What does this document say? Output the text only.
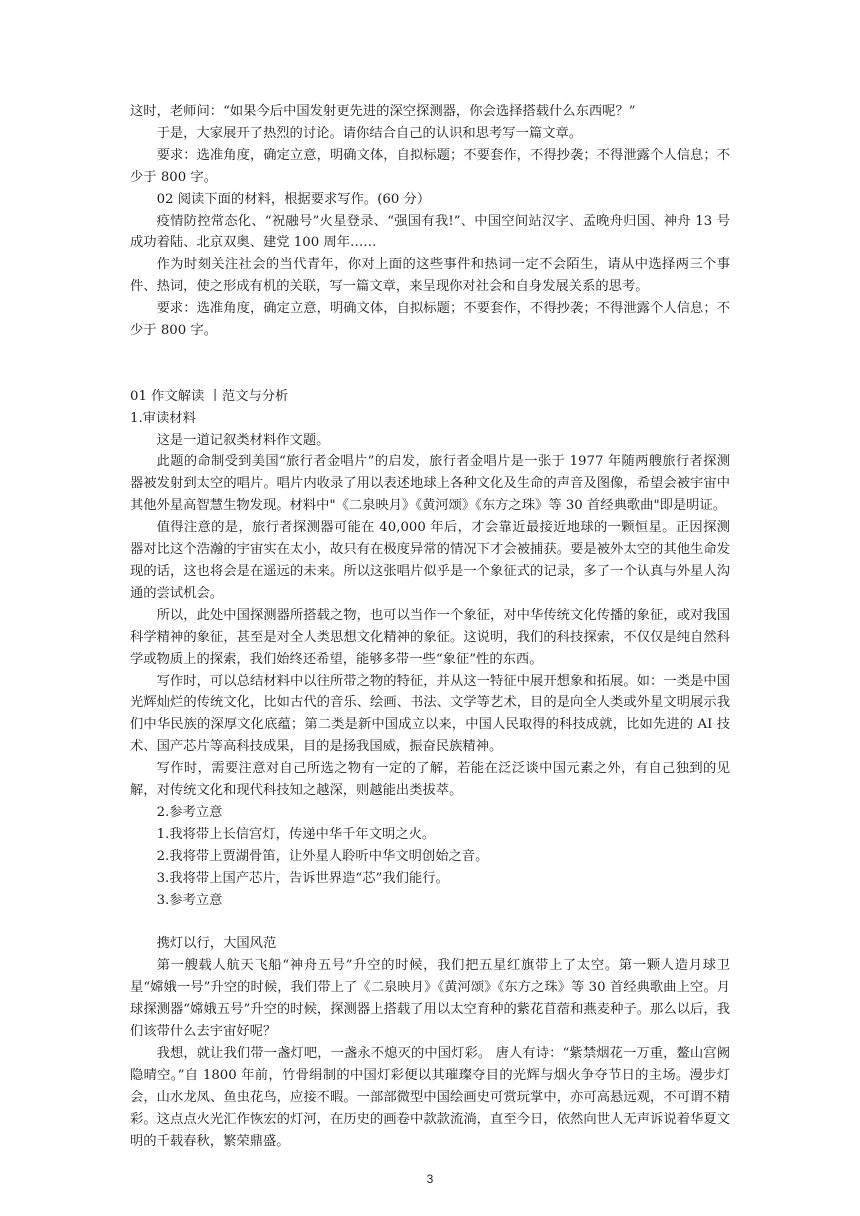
这时，老师问：“如果今后中国发射更先进的深空探测器，你会选择搭载什么东西呢？”

于是，大家展开了热烈的讨论。请你结合自己的认识和思考写一篇文章。

要求：选准角度，确定立意，明确文体，自拟标题；不要套作，不得抄袭；不得泄露个人信息；不少于 800 字。

02 阅读下面的材料，根据要求写作。(60 分）

疫情防控常态化、“祝融号”火星登录、“强国有我!”、中国空间站汉字、孟晚舟归国、神舟 13 号成功着陆、北京双奥、建党 100 周年……

作为时刻关注社会的当代青年，你对上面的这些事件和热词一定不会陌生，请从中选择两三个事件、热词，使之形成有机的关联，写一篇文章，来呈现你对社会和自身发展关系的思考。

要求：选准角度，确定立意，明确文体，自拟标题；不要套作，不得抄袭；不得泄露个人信息；不少于 800 字。

01 作文解读 丨范文与分析

1.审读材料

这是一道记叙类材料作文题。

此题的命制受到美国“旅行者金唱片”的启发，旅行者金唱片是一张于 1977 年随两艘旅行者探测器被发射到太空的唱片。唱片内收录了用以表述地球上各种文化及生命的声音及图像，希望会被宇宙中其他外星高智慧生物发现。材料中"《二泉映月》《黄河颂》《东方之珠》等 30 首经典歌曲"即是明证。

值得注意的是，旅行者探测器可能在 40,000 年后，才会靠近最接近地球的一颗恒星。正因探测器对比这个浩瀚的宇宙实在太小，故只有在极度异常的情况下才会被捕获。要是被外太空的其他生命发现的话，这也将会是在遥远的未来。所以这张唱片似乎是一个象征式的记录，多了一个认真与外星人沟通的尝试机会。

所以，此处中国探测器所搭载之物，也可以当作一个象征，对中华传统文化传播的象征，或对我国科学精神的象征，甚至是对全人类思想文化精神的象征。这说明，我们的科技探索，不仅仅是纯自然科学或物质上的探索，我们始终还希望，能够多带一些“象征”性的东西。

写作时，可以总结材料中以往所带之物的特征，并从这一特征中展开想象和拓展。如：一类是中国光辉灿烂的传统文化，比如古代的音乐、绘画、书法、文学等艺术，目的是向全人类或外星文明展示我们中华民族的深厚文化底蕴；第二类是新中国成立以来，中国人民取得的科技成就，比如先进的 AI 技术、国产芯片等高科技成果，目的是扬我国威，振奋民族精神。

写作时，需要注意对自己所选之物有一定的了解，若能在泛泛谈中国元素之外，有自己独到的见解，对传统文化和现代科技知之越深，则越能出类拔萃。

2.参考立意

1.我将带上长信宫灯，传递中华千年文明之火。

2.我将带上贾湖骨笛，让外星人聆听中华文明创始之音。

3.我将带上国产芯片，告诉世界造“芯”我们能行。

3.参考立意

携灯以行，大国风范

第一艘载人航天飞船“神舟五号”升空的时候，我们把五星红旗带上了太空。第一颗人造月球卫星“嫦娥一号”升空的时候，我们带上了《二泉映月》《黄河颂》《东方之珠》等 30 首经典歌曲上空。月球探测器“嫦娥五号”升空的时候，探测器上搭载了用以太空育种的紫花苜蓿和燕麦种子。那么以后，我们该带什么去宇宙好呢？

我想，就让我们带一盏灯吧，一盏永不熄灭的中国灯彩。 唐人有诗：“紫禁烟花一万重，鳌山宫阙隐晴空。”自 1800 年前，竹骨绢制的中国灯彩便以其璀璨夺目的光辉与烟火争夺节日的主场。漫步灯会，山水龙凤、鱼虫花鸟，应接不暇。一部部微型中国绘画史可赏玩掌中，亦可高悬远观，不可谓不精彩。这点点火光汇作恢宏的灯河，在历史的画卷中款款流淌，直至今日，依然向世人无声诉说着华夏文明的千载春秋，繁荣鼎盛。

3
